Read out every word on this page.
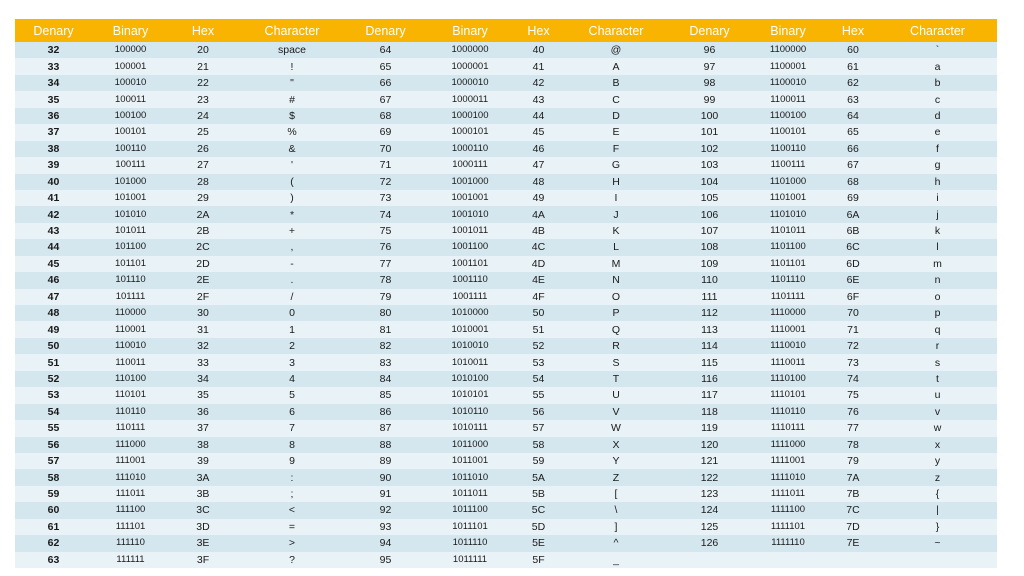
Denary	Binary	Hex	Character	Denary	Binary	Hex	Character	Denary	Binary	Hex	Character
32	100000	20	space	64	1000000	40	@	96	1100000	60	`
33	100001	21	!	65	1000001	41	A	97	1100001	61	a
34	100010	22	"	66	1000010	42	B	98	1100010	62	b
35	100011	23	#	67	1000011	43	C	99	1100011	63	c
36	100100	24	$	68	1000100	44	D	100	1100100	64	d
37	100101	25	%	69	1000101	45	E	101	1100101	65	e
38	100110	26	&	70	1000110	46	F	102	1100110	66	f
39	100111	27	'	71	1000111	47	G	103	1100111	67	g
40	101000	28	(	72	1001000	48	H	104	1101000	68	h
41	101001	29	)	73	1001001	49	I	105	1101001	69	i
42	101010	2A	*	74	1001010	4A	J	106	1101010	6A	j
43	101011	2B	+	75	1001011	4B	K	107	1101011	6B	k
44	101100	2C	,	76	1001100	4C	L	108	1101100	6C	l
45	101101	2D	-	77	1001101	4D	M	109	1101101	6D	m
46	101110	2E	.	78	1001110	4E	N	110	1101110	6E	n
47	101111	2F	/	79	1001111	4F	O	111	1101111	6F	o
48	110000	30	0	80	1010000	50	P	112	1110000	70	p
49	110001	31	1	81	1010001	51	Q	113	1110001	71	q
50	110010	32	2	82	1010010	52	R	114	1110010	72	r
51	110011	33	3	83	1010011	53	S	115	1110011	73	s
52	110100	34	4	84	1010100	54	T	116	1110100	74	t
53	110101	35	5	85	1010101	55	U	117	1110101	75	u
54	110110	36	6	86	1010110	56	V	118	1110110	76	v
55	110111	37	7	87	1010111	57	W	119	1110111	77	w
56	111000	38	8	88	1011000	58	X	120	1111000	78	x
57	111001	39	9	89	1011001	59	Y	121	1111001	79	y
58	111010	3A	:	90	1011010	5A	Z	122	1111010	7A	z
59	111011	3B	;	91	1011011	5B	[	123	1111011	7B	{
60	111100	3C	<	92	1011100	5C	\	124	1111100	7C	|
61	111101	3D	=	93	1011101	5D	]	125	1111101	7D	}
62	111110	3E	>	94	1011110	5E	^	126	1111110	7E	~
63	111111	3F	?	95	1011111	5F	_				
